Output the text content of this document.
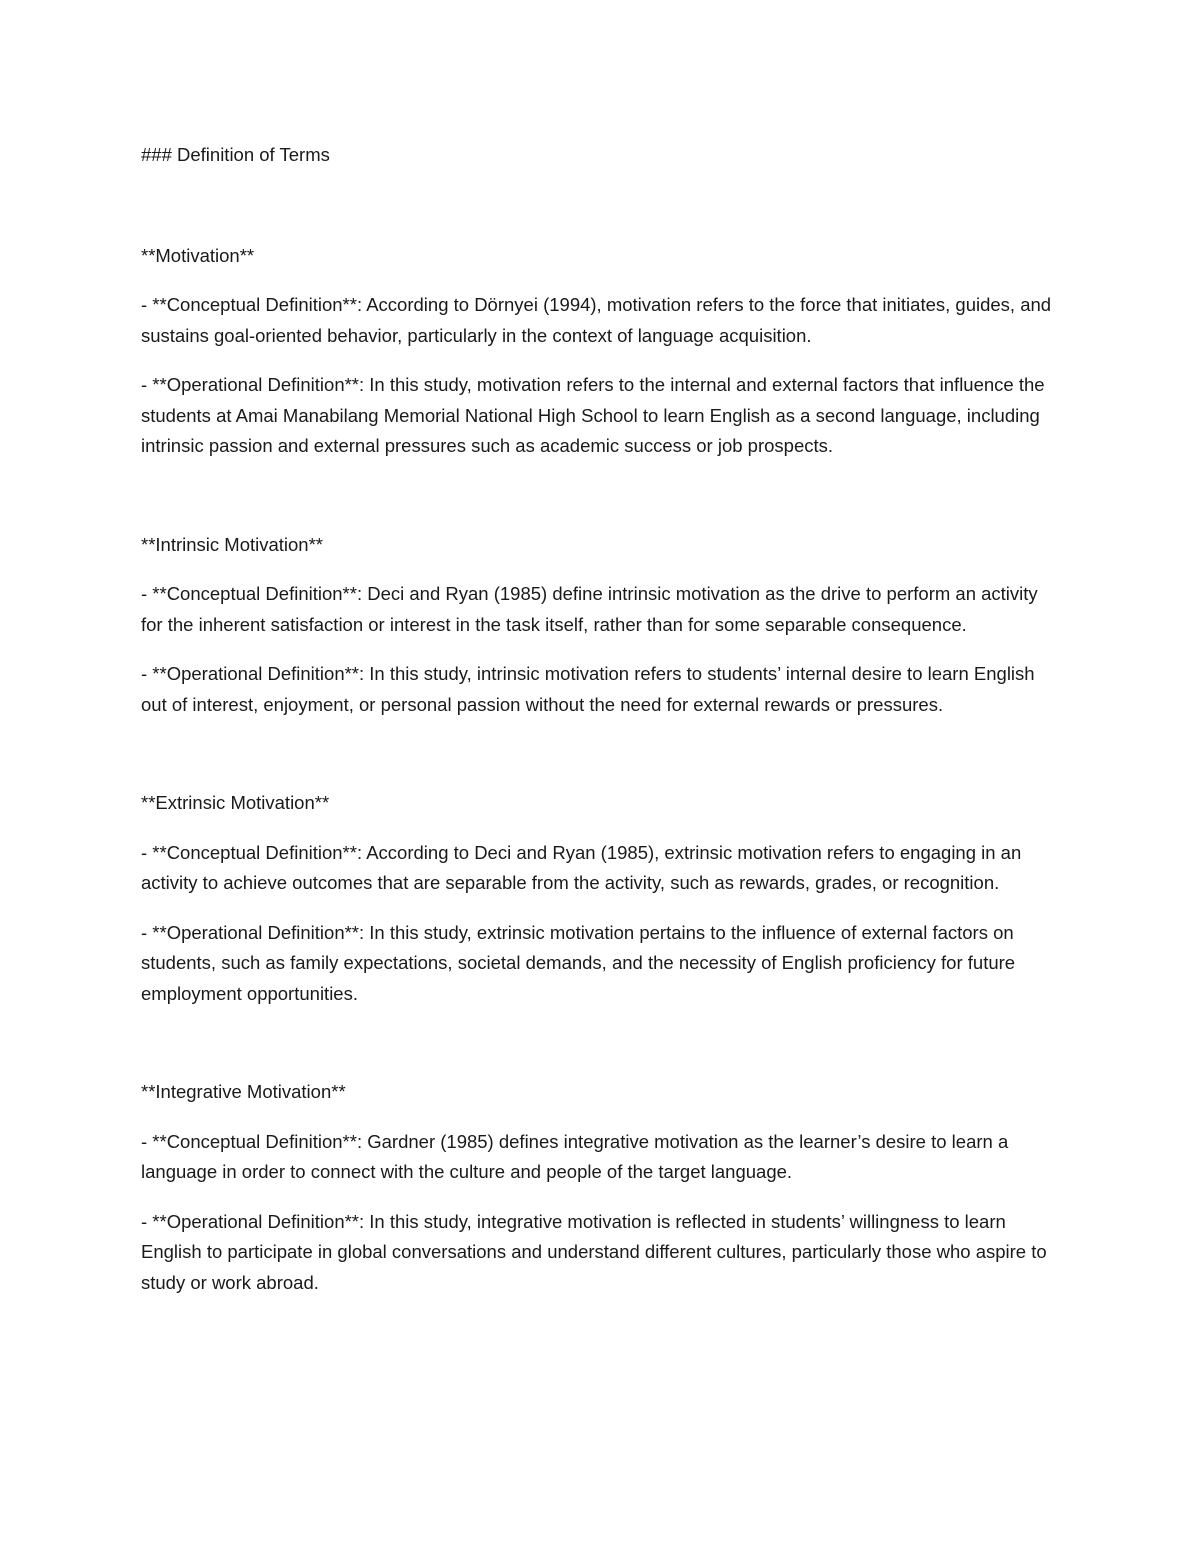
### Definition of Terms

**Motivation**

- **Conceptual Definition**: According to Dörnyei (1994), motivation refers to the force that initiates, guides, and sustains goal-oriented behavior, particularly in the context of language acquisition.

- **Operational Definition**: In this study, motivation refers to the internal and external factors that influence the students at Amai Manabilang Memorial National High School to learn English as a second language, including intrinsic passion and external pressures such as academic success or job prospects.

**Intrinsic Motivation**

- **Conceptual Definition**: Deci and Ryan (1985) define intrinsic motivation as the drive to perform an activity for the inherent satisfaction or interest in the task itself, rather than for some separable consequence.

- **Operational Definition**: In this study, intrinsic motivation refers to students’ internal desire to learn English out of interest, enjoyment, or personal passion without the need for external rewards or pressures.

**Extrinsic Motivation**

- **Conceptual Definition**: According to Deci and Ryan (1985), extrinsic motivation refers to engaging in an activity to achieve outcomes that are separable from the activity, such as rewards, grades, or recognition.

- **Operational Definition**: In this study, extrinsic motivation pertains to the influence of external factors on students, such as family expectations, societal demands, and the necessity of English proficiency for future employment opportunities.

**Integrative Motivation**

- **Conceptual Definition**: Gardner (1985) defines integrative motivation as the learner’s desire to learn a language in order to connect with the culture and people of the target language.

- **Operational Definition**: In this study, integrative motivation is reflected in students’ willingness to learn English to participate in global conversations and understand different cultures, particularly those who aspire to study or work abroad.
